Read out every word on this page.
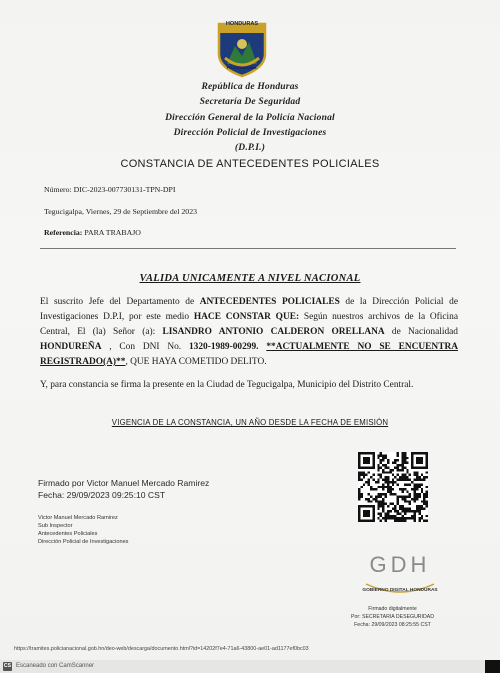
HONDURAS
POLICÍA NACIONAL
República de Honduras
Secretaría De Seguridad
Dirección General de la Policía Nacional
Dirección Policial de Investigaciones
(D.P.I.)
CONSTANCIA DE ANTECEDENTES POLICIALES
Número: DIC-2023-007730131-TPN-DPI
Tegucigalpa, Viernes, 29 de Septiembre del 2023
Referencia: PARA TRABAJO
VALIDA UNICAMENTE A NIVEL NACIONAL
El suscrito Jefe del Departamento de ANTECEDENTES POLICIALES de la Dirección Policial de Investigaciones D.P.I, por este medio HACE CONSTAR QUE: Según nuestros archivos de la Oficina Central, El (la) Señor (a): LISANDRO ANTONIO CALDERON ORELLANA de Nacionalidad HONDUREÑA , Con DNI No. 1320-1989-00299. **ACTUALMENTE NO SE ENCUENTRA REGISTRADO(A)**, QUE HAYA COMETIDO DELITO.
Y, para constancia se firma la presente en la Ciudad de Tegucigalpa, Municipio del Distrito Central.
VIGENCIA DE LA CONSTANCIA, UN AÑO DESDE LA FECHA DE EMISIÓN
Firmado por Victor Manuel Mercado Ramirez
Fecha: 29/09/2023 09:25:10 CST
Victor Manuel Mercado Ramirez
Sub Inspector
Antecedentes Policiales
Dirección Policial de Investigaciones
GDH
GOBIERNO DIGITAL HONDURAS
Firmado digitalmente
Por: SECRETARIA DESEGURIDAD
Fecha: 29/09/2023 08:25:55 CST
https://tramites.policianacional.gob.hn/deo-web/descarga/documento.html?id=14202f7e4-71a6-43800-ae01-ad1177ef0bc03
CS Escaneado con CamScanner
